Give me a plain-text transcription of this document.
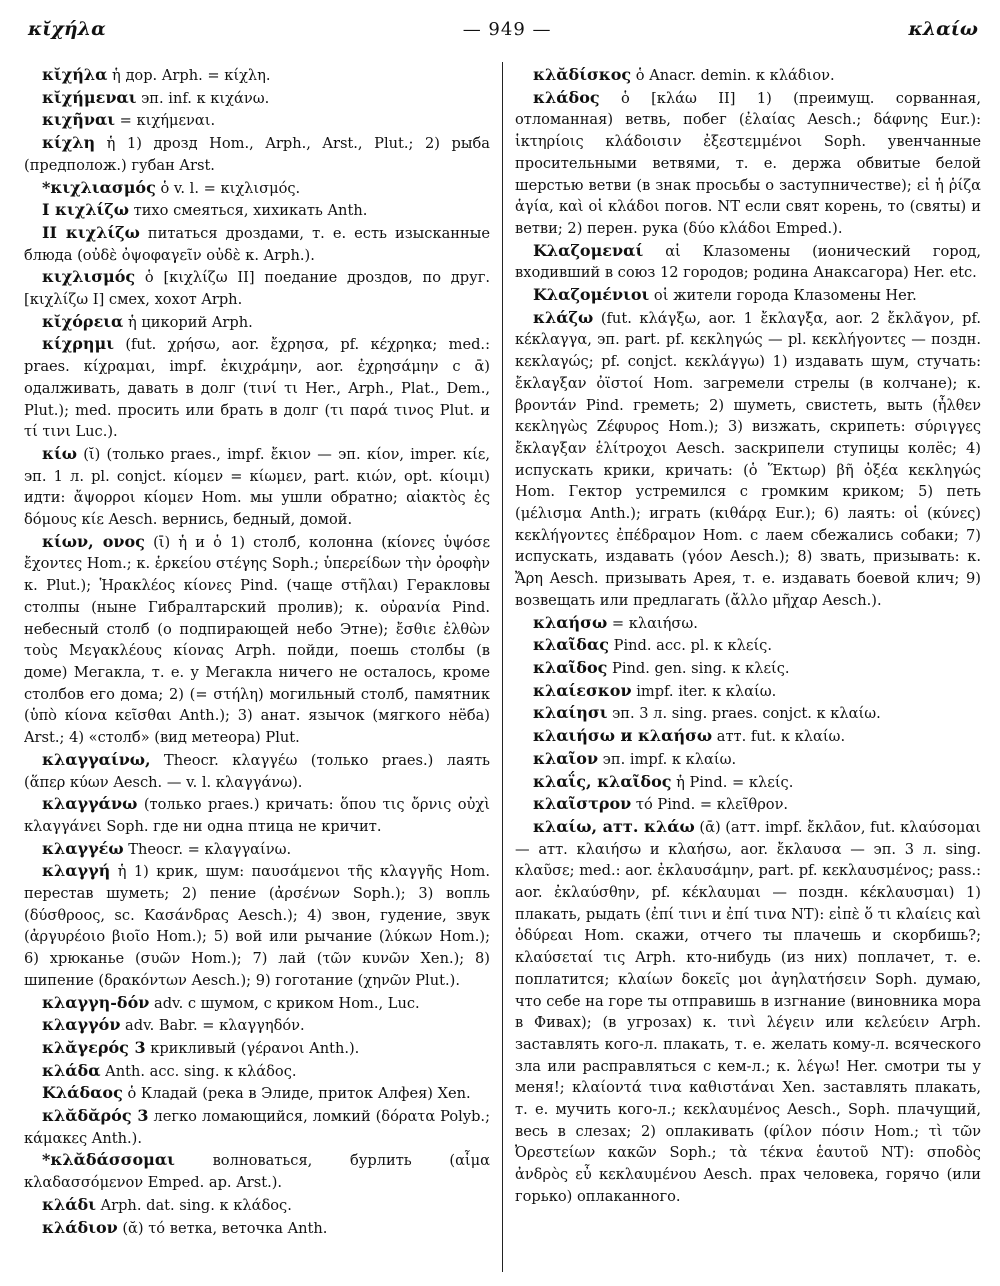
κῐχήλα	— 949 —	κλαίω

κῐχήλα ἡ дор. Arph. = κίχλη.

κῐχήμεναι эп. inf. к κιχάνω.

κιχῆναι = κιχήμεναι.

κίχλη ἡ 1) дрозд Hom., Arph., Arst., Plut.; 2) рыба (предполож.) губан Arst.

*κιχλιασμός ὁ v. l. = κιχλισμός.

I κιχλίζω тихо смеяться, хихикать Anth.

II κιχλίζω питаться дроздами, т. е. есть изысканные блюда (οὐδὲ ὀψοφαγεῖν οὐδὲ κ. Arph.).

κιχλισμός ὁ [κιχλίζω II] поедание дроздов, по друг. [κιχλίζω I] смех, хохот Arph.

κῐχόρεια ἡ цикорий Arph.

κίχρημι (fut. χρήσω, aor. ἔχρησα, pf. κέχρηκα; med.: praes. κίχραμαι, impf. ἐκιχράμην, aor. ἐχρησάμην с ᾱ) одалживать, давать в долг (τινί τι Her., Arph., Plat., Dem., Plut.); med. просить или брать в долг (τι παρά τινος Plut. и τί τινι Luc.).

κίω (ῐ) (только praes., impf. ἔκιον — эп. κίον, imper. κίε, эп. 1 л. pl. conjct. κίομεν = κίωμεν, part. κιών, opt. κίοιμι) идти: ἄψορροι κίομεν Hom. мы ушли обратно; αἰακτὸς ἐς δόμους κίε Aesch. вернись, бедный, домой.

κίων, ονος (ῑ) ἡ и ὁ 1) столб, колонна (κίονες ὑψόσε ἔχοντες Hom.; κ. ἑρκείου στέγης Soph.; ὑπερείδων τὴν ὀροφὴν κ. Plut.); Ἡρακλέος κίονες Pind. (чаще στῆλαι) Геракловы столпы (ныне Гибралтарский пролив); κ. οὐρανία Pind. небесный столб (о подпирающей небо Этне); ἔσθιε ἐλθὼν τοὺς Μεγακλέους κίονας Arph. пойди, поешь столбы (в доме) Мегакла, т. е. у Мегакла ничего не осталось, кроме столбов его дома; 2) (= στήλη) могильный столб, памятник (ὑπὸ κίονα κεῖσθαι Anth.); 3) анат. язычок (мягкого нёба) Arst.; 4) «столб» (вид метеора) Plut.

κλαγγαίνω, Theocr. κλαγγέω (только praes.) лаять (ἅπερ κύων Aesch. — v. l. κλαγγάνω).

κλαγγάνω (только praes.) кричать: ὅπου τις ὄρνις οὐχὶ κλαγγάνει Soph. где ни одна птица не кричит.

κλαγγέω Theocr. = κλαγγαίνω.

κλαγγή ἡ 1) крик, шум: παυσάμενοι τῆς κλαγγῆς Hom. перестав шуметь; 2) пение (ἀρσένων Soph.); 3) вопль (δύσθροος, sc. Κασάνδρας Aesch.); 4) звон, гудение, звук (ἀργυρέοιο βιοῖο Hom.); 5) вой или рычание (λύκων Hom.); 6) хрюканье (συῶν Hom.); 7) лай (τῶν κυνῶν Xen.); 8) шипение (δρακόντων Aesch.); 9) гоготание (χηνῶν Plut.).

κλαγγη-δόν adv. с шумом, с криком Hom., Luc.

κλαγγόν adv. Babr. = κλαγγηδόν.

κλᾰγερός 3 крикливый (γέρανοι Anth.).

κλάδα Anth. acc. sing. к κλάδος.

Κλάδαος ὁ Кладай (река в Элиде, приток Алфея) Xen.

κλᾰδᾰρός 3 легко ломающийся, ломкий (δόρατα Polyb.; κάμακες Anth.).

*κλᾰδάσσομαι волноваться, бурлить (αἷμα κλαδασσόμενον Emped. ap. Arst.).

κλάδι Arph. dat. sing. к κλάδος.

κλάδιον (ᾰ) τό ветка, веточка Anth.

κλᾰδίσκος ὁ Anacr. demin. к κλάδιον.

κλάδος ὁ [κλάω II] 1) (преимущ. сорванная, отломанная) ветвь, побег (ἐλαίας Aesch.; δάφνης Eur.): ἱκτηρίοις κλάδοισιν ἐξεστεμμένοι Soph. увенчанные просительными ветвями, т. е. держа обвитые белой шерстью ветви (в знак просьбы о заступничестве); εἰ ἡ ῥίζα ἁγία, καὶ οἱ κλάδοι погов. NT если свят корень, то (святы) и ветви; 2) перен. рука (δύο κλάδοι Emped.).

Κλαζομεναί αἱ Клазомены (ионический город, входивший в союз 12 городов; родина Анаксагора) Her. etc.

Κλαζομένιοι οἱ жители города Клазомены Her.

κλάζω (fut. κλάγξω, aor. 1 ἔκλαγξα, aor. 2 ἔκλᾰγον, pf. κέκλαγγα, эп. part. pf. κεκληγώς — pl. κεκλήγοντες — поздн. κεκλαγώς; pf. conjct. κεκλάγγω) 1) издавать шум, стучать: ἔκλαγξαν ὀϊστοί Hom. загремели стрелы (в колчане); κ. βροντάν Pind. греметь; 2) шуметь, свистеть, выть (ἦλθεν κεκληγὼς Ζέφυρος Hom.); 3) визжать, скрипеть: σύριγγες ἔκλαγξαν ἑλίτροχοι Aesch. заскрипели ступицы колёс; 4) испускать крики, кричать: (ὁ Ἕκτωρ) βῆ ὀξέα κεκληγώς Hom. Гектор устремился с громким криком; 5) петь (μέλισμα Anth.); играть (κιθάρᾳ Eur.); 6) лаять: οἱ (κύνες) κεκλήγοντες ἐπέδραμον Hom. с лаем сбежались собаки; 7) испускать, издавать (γόον Aesch.); 8) звать, призывать: κ. Ἄρη Aesch. призывать Арея, т. е. издавать боевой клич; 9) возвещать или предлагать (ἄλλο μῆχαρ Aesch.).

κλαήσω = κλαιήσω.

κλαῖδας Pind. acc. pl. к κλείς.

κλαῖδος Pind. gen. sing. к κλείς.

κλαίεσκον impf. iter. к κλαίω.

κλαίησι эп. 3 л. sing. praes. conjct. к κλαίω.

κλαιήσω и κλαήσω атт. fut. к κλαίω.

κλαῖον эп. impf. к κλαίω.

κλαΐς, κλαῖδος ἡ Pind. = κλείς.

κλαῖστρον τό Pind. = κλεῖθρον.

κλαίω, атт. κλάω (ᾱ) (атт. impf. ἔκλᾱον, fut. κλαύσομαι — атт. κλαιήσω и κλαήσω, aor. ἔκλαυσα — эп. 3 л. sing. κλαῦσε; med.: aor. ἐκλαυσάμην, part. pf. κεκλαυσμένος; pass.: aor. ἐκλαύσθην, pf. κέκλαυμαι — поздн. κέκλαυσμαι) 1) плакать, рыдать (ἐπί τινι и ἐπί τινα NT): εἰπὲ ὅ τι κλαίεις καὶ ὀδύρεαι Hom. скажи, отчего ты плачешь и скорбишь?; κλαύσεταί τις Arph. кто-нибудь (из них) поплачет, т. е. поплатится; κλαίων δοκεῖς μοι ἀγηλατήσειν Soph. думаю, что себе на горе ты отправишь в изгнание (виновника мора в Фивах); (в угрозах) κ. τινὶ λέγειν или κελεύειν Arph. заставлять кого-л. плакать, т. е. желать кому-л. всяческого зла или расправляться с кем-л.; κ. λέγω! Her. смотри ты у меня!; κλαίοντά τινα καθιστάναι Xen. заставлять плакать, т. е. мучить кого-л.; κεκλαυμένος Aesch., Soph. плачущий, весь в слезах; 2) оплакивать (φίλον πόσιν Hom.; τὶ τῶν Ὀρεστείων κακῶν Soph.; τὰ τέκνα ἑαυτοῦ NT): σποδὸς ἀνδρὸς εὖ κεκλαυμένου Aesch. прах человека, горячо (или горько) оплаканного.
